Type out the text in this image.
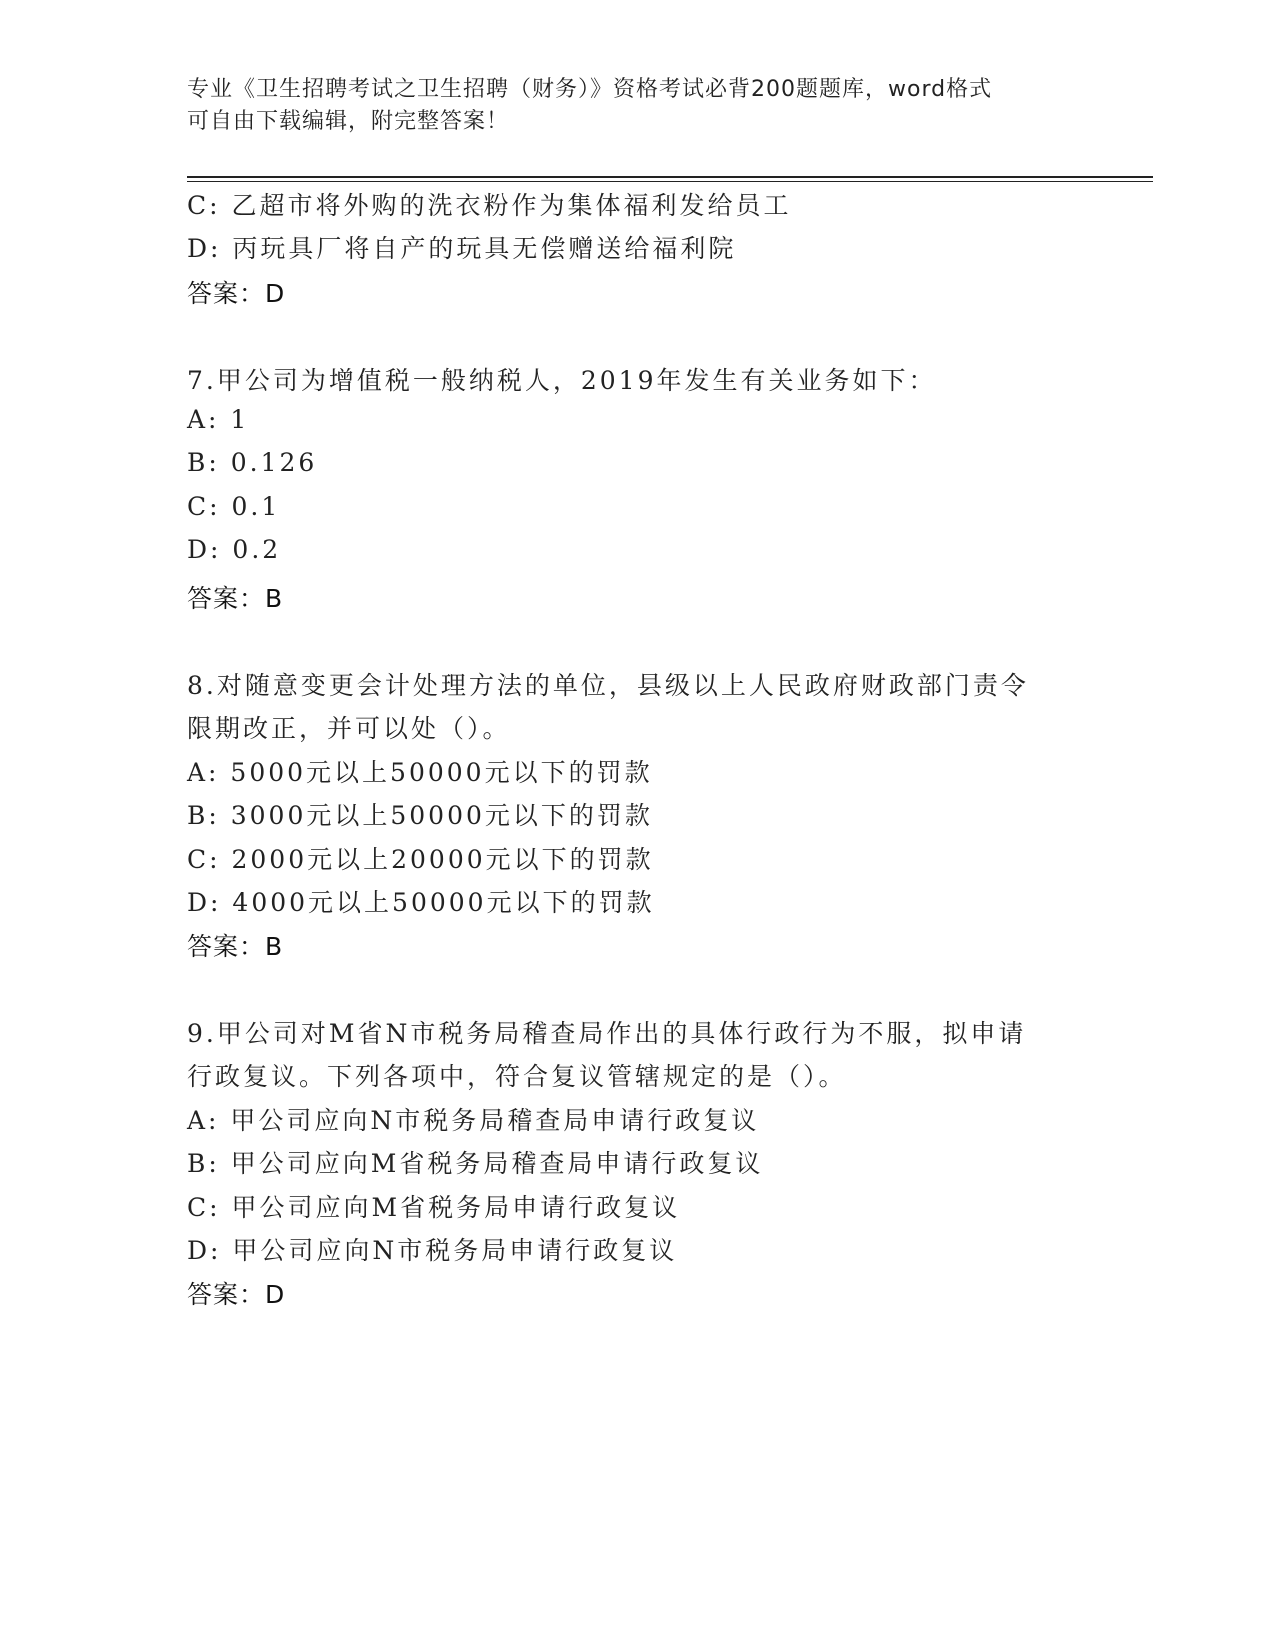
专业《卫生招聘考试之卫生招聘（财务）》资格考试必背200题题库，word格式
可自由下载编辑，附完整答案！
C: 乙超市将外购的洗衣粉作为集体福利发给员工
D: 丙玩具厂将自产的玩具无偿赠送给福利院
答案：D
7.甲公司为增值税一般纳税人，2019年发生有关业务如下：
A: 1
B: 0.126
C: 0.1
D: 0.2
答案：B
8.对随意变更会计处理方法的单位，县级以上人民政府财政部门责令
限期改正，并可以处（）。
A: 5000元以上50000元以下的罚款
B: 3000元以上50000元以下的罚款
C: 2000元以上20000元以下的罚款
D: 4000元以上50000元以下的罚款
答案：B
9.甲公司对M省N市税务局稽查局作出的具体行政行为不服，拟申请
行政复议。下列各项中，符合复议管辖规定的是（）。
A: 甲公司应向N市税务局稽查局申请行政复议
B: 甲公司应向M省税务局稽查局申请行政复议
C: 甲公司应向M省税务局申请行政复议
D: 甲公司应向N市税务局申请行政复议
答案：D
